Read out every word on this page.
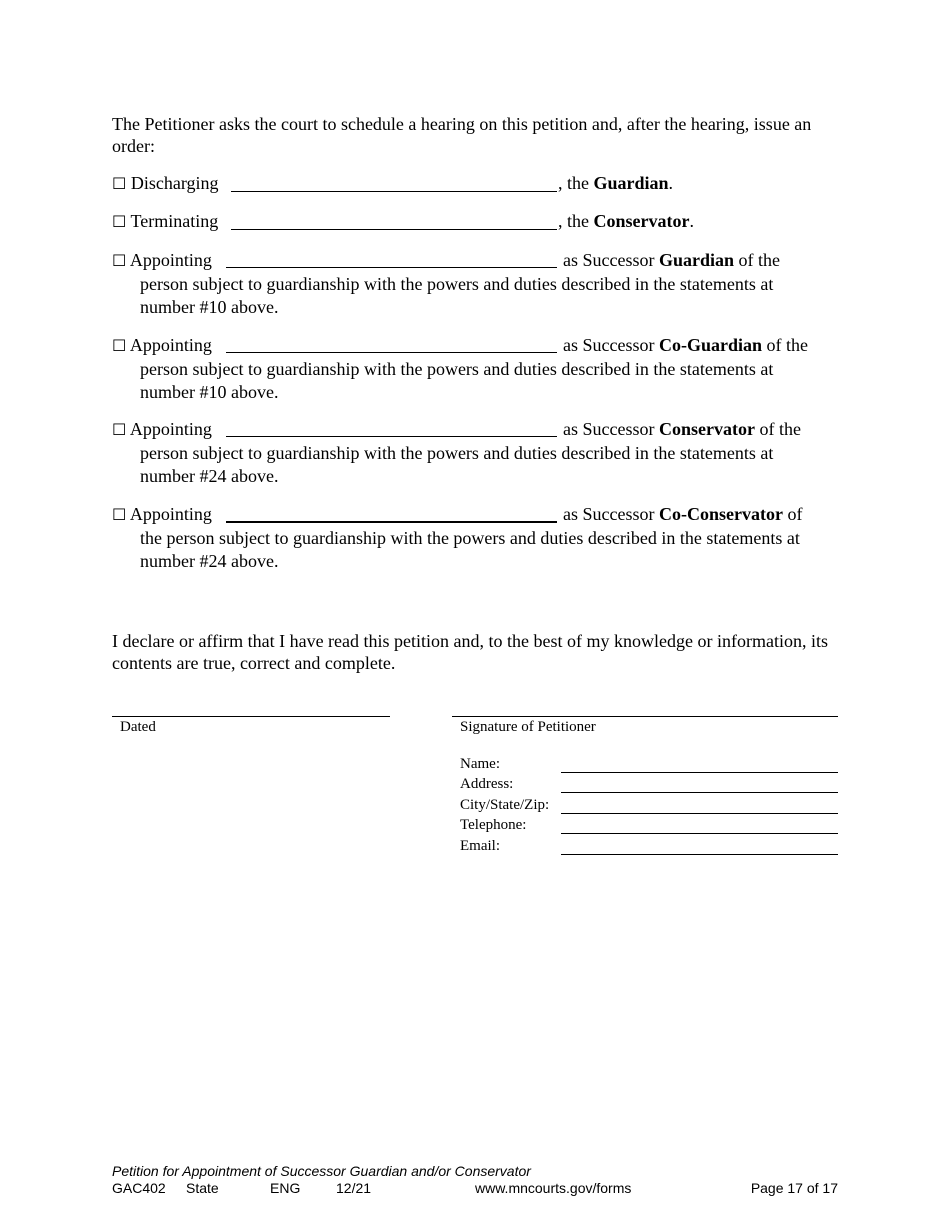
The Petitioner asks the court to schedule a hearing on this petition and, after the hearing, issue an order:
☐ Discharging	, the Guardian.
☐ Terminating	, the Conservator.
☐ Appointing	as Successor Guardian of the
person subject to guardianship with the powers and duties described in the statements at
number #10 above.
☐ Appointing	as Successor Co-Guardian of the
person subject to guardianship with the powers and duties described in the statements at
number #10 above.
☐ Appointing	as Successor Conservator of the
person subject to guardianship with the powers and duties described in the statements at
number #24 above.
☐ Appointing	as Successor Co-Conservator of
the person subject to guardianship with the powers and duties described in the statements at
number #24 above.
I declare or affirm that I have read this petition and, to the best of my knowledge or information, its contents are true, correct and complete.
Dated	Signature of Petitioner
Name:
Address:
City/State/Zip:
Telephone:
Email:
Petition for Appointment of Successor Guardian and/or Conservator
GAC402 State	ENG	12/21	www.mncourts.gov/forms	Page 17 of 17
